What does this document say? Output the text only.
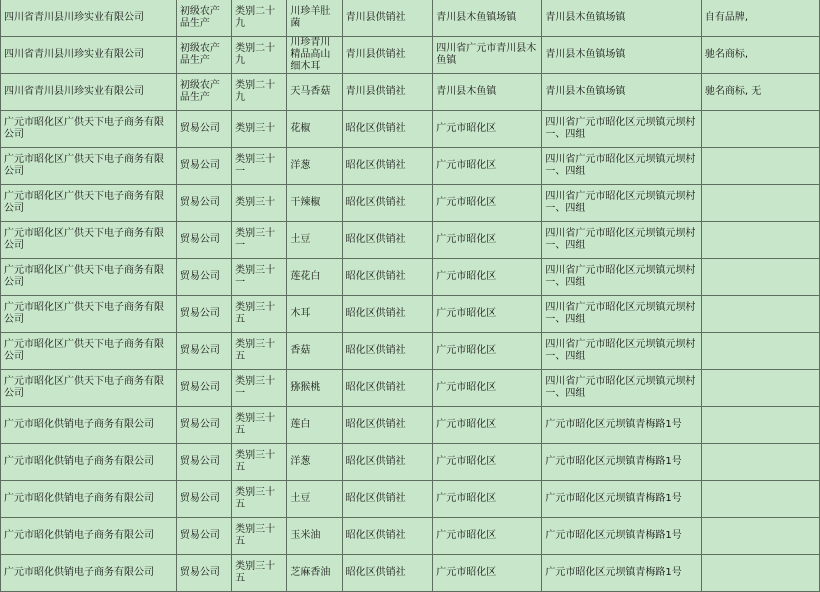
四川省青川县川珍实业有限公司	初级农产品生产	类别二十九	川珍羊肚菌	青川县供销社	青川县木鱼镇场镇	青川县木鱼镇场镇	自有品牌,
四川省青川县川珍实业有限公司	初级农产品生产	类别二十九	川珍青川精品高山细木耳	青川县供销社	四川省广元市青川县木鱼镇	青川县木鱼镇场镇	驰名商标,
四川省青川县川珍实业有限公司	初级农产品生产	类别二十九	天马香菇	青川县供销社	青川县木鱼镇	青川县木鱼镇场镇	驰名商标, 无
广元市昭化区广供天下电子商务有限公司	贸易公司	类别三十	花椒	昭化区供销社	广元市昭化区	四川省广元市昭化区元坝镇元坝村一、四组	
广元市昭化区广供天下电子商务有限公司	贸易公司	类别三十一	洋葱	昭化区供销社	广元市昭化区	四川省广元市昭化区元坝镇元坝村一、四组	
广元市昭化区广供天下电子商务有限公司	贸易公司	类别三十	干辣椒	昭化区供销社	广元市昭化区	四川省广元市昭化区元坝镇元坝村一、四组	
广元市昭化区广供天下电子商务有限公司	贸易公司	类别三十一	土豆	昭化区供销社	广元市昭化区	四川省广元市昭化区元坝镇元坝村一、四组	
广元市昭化区广供天下电子商务有限公司	贸易公司	类别三十一	莲花白	昭化区供销社	广元市昭化区	四川省广元市昭化区元坝镇元坝村一、四组	
广元市昭化区广供天下电子商务有限公司	贸易公司	类别三十五	木耳	昭化区供销社	广元市昭化区	四川省广元市昭化区元坝镇元坝村一、四组	
广元市昭化区广供天下电子商务有限公司	贸易公司	类别三十五	香菇	昭化区供销社	广元市昭化区	四川省广元市昭化区元坝镇元坝村一、四组	
广元市昭化区广供天下电子商务有限公司	贸易公司	类别三十一	猕猴桃	昭化区供销社	广元市昭化区	四川省广元市昭化区元坝镇元坝村一、四组	
广元市昭化供销电子商务有限公司	贸易公司	类别三十五	莲白	昭化区供销社	广元市昭化区	广元市昭化区元坝镇青梅路1号	
广元市昭化供销电子商务有限公司	贸易公司	类别三十五	洋葱	昭化区供销社	广元市昭化区	广元市昭化区元坝镇青梅路1号	
广元市昭化供销电子商务有限公司	贸易公司	类别三十五	土豆	昭化区供销社	广元市昭化区	广元市昭化区元坝镇青梅路1号	
广元市昭化供销电子商务有限公司	贸易公司	类别三十五	玉米油	昭化区供销社	广元市昭化区	广元市昭化区元坝镇青梅路1号	
广元市昭化供销电子商务有限公司	贸易公司	类别三十五	芝麻香油	昭化区供销社	广元市昭化区	广元市昭化区元坝镇青梅路1号	
